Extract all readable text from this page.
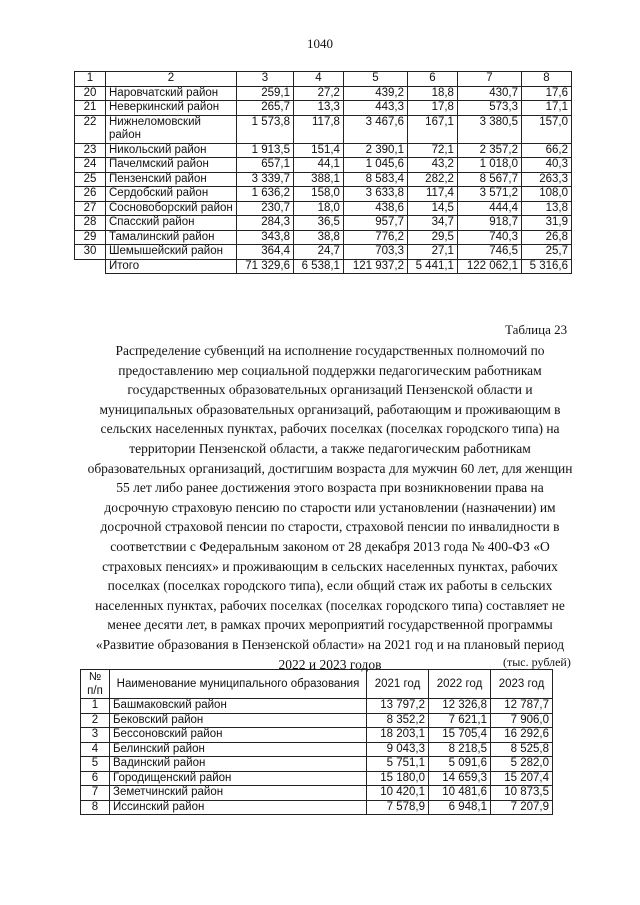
1040
1	2	3	4	5	6	7	8
20	Наровчатский район	259,1	27,2	439,2	18,8	430,7	17,6
21	Неверкинский район	265,7	13,3	443,3	17,8	573,3	17,1
22	Нижнеломовский район	1 573,8	117,8	3 467,6	167,1	3 380,5	157,0
23	Никольский район	1 913,5	151,4	2 390,1	72,1	2 357,2	66,2
24	Пачелмский район	657,1	44,1	1 045,6	43,2	1 018,0	40,3
25	Пензенский район	3 339,7	388,1	8 583,4	282,2	8 567,7	263,3
26	Сердобский район	1 636,2	158,0	3 633,8	117,4	3 571,2	108,0
27	Сосновоборский район	230,7	18,0	438,6	14,5	444,4	13,8
28	Спасский район	284,3	36,5	957,7	34,7	918,7	31,9
29	Тамалинский район	343,8	38,8	776,2	29,5	740,3	26,8
30	Шемышейский район	364,4	24,7	703,3	27,1	746,5	25,7
	Итого	71 329,6	6 538,1	121 937,2	5 441,1	122 062,1	5 316,6
Таблица 23
Распределение субвенций на исполнение государственных полномочий по предоставлению мер социальной поддержки педагогическим работникам государственных образовательных организаций Пензенской области и муниципальных образовательных организаций, работающим и проживающим в сельских населенных пунктах, рабочих поселках (поселках городского типа) на территории Пензенской области, а также педагогическим работникам образовательных организаций, достигшим возраста для мужчин 60 лет, для женщин 55 лет либо ранее достижения этого возраста при возникновении права на досрочную страховую пенсию по старости или установлении (назначении) им досрочной страховой пенсии по старости, страховой пенсии по инвалидности в соответствии с Федеральным законом от 28 декабря 2013 года № 400-ФЗ «О страховых пенсиях» и проживающим в сельских населенных пунктах, рабочих поселках (поселках городского типа), если общий стаж их работы в сельских населенных пунктах, рабочих поселках (поселках городского типа) составляет не менее десяти лет, в рамках прочих мероприятий государственной программы «Развитие образования в Пензенской области» на 2021 год и на плановый период 2022 и 2023 годов	(тыс. рублей)
№ п/п	Наименование муниципального образования	2021 год	2022 год	2023 год
1	Башмаковский район	13 797,2	12 326,8	12 787,7
2	Бековский район	8 352,2	7 621,1	7 906,0
3	Бессоновский район	18 203,1	15 705,4	16 292,6
4	Белинский район	9 043,3	8 218,5	8 525,8
5	Вадинский район	5 751,1	5 091,6	5 282,0
6	Городищенский район	15 180,0	14 659,3	15 207,4
7	Земетчинский район	10 420,1	10 481,6	10 873,5
8	Иссинский район	7 578,9	6 948,1	7 207,9
